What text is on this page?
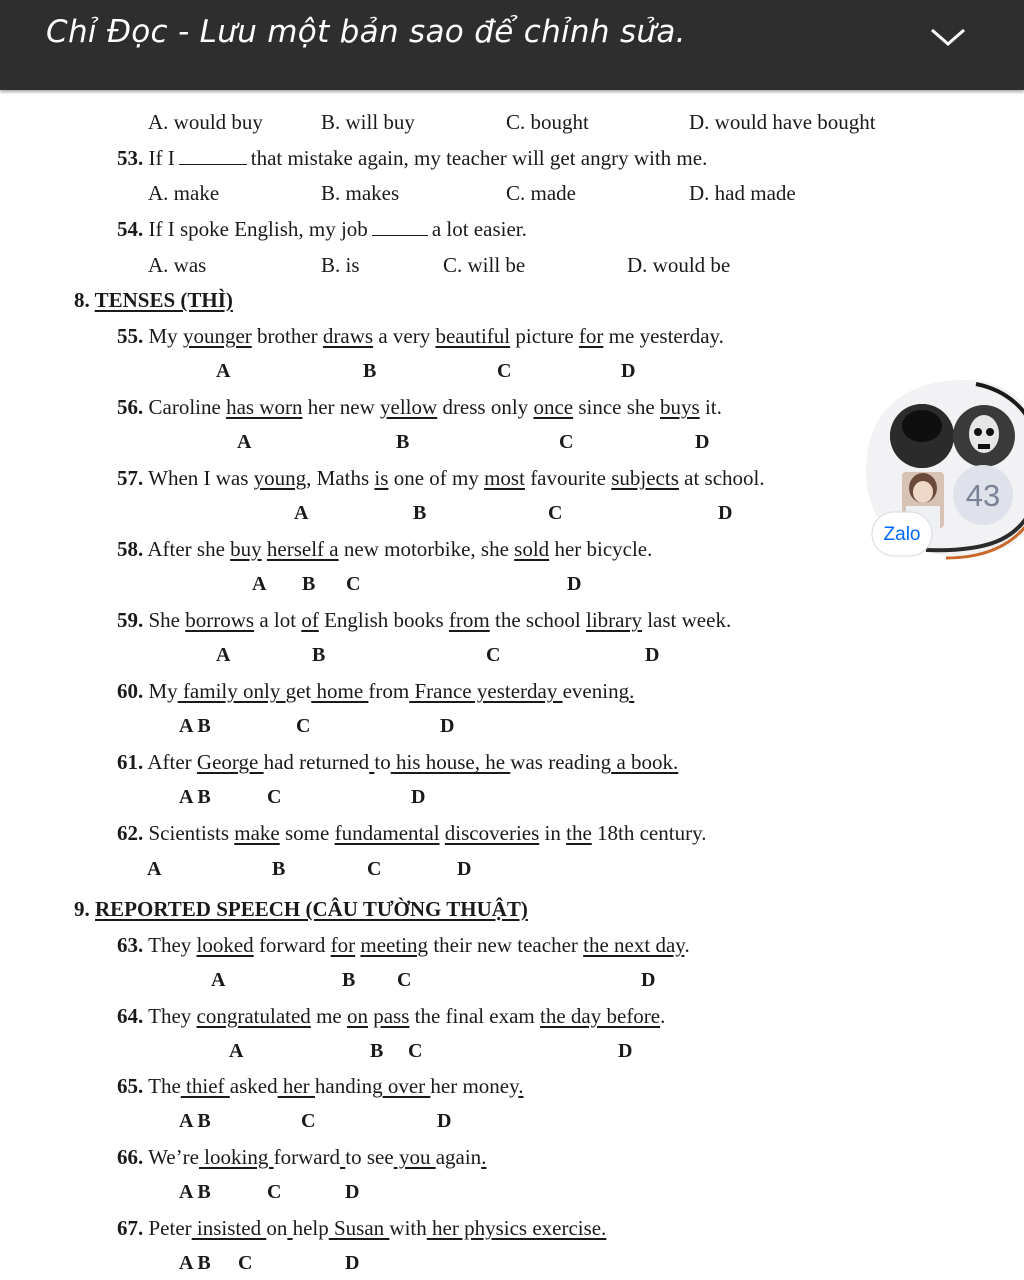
Chỉ Đọc - Lưu một bản sao để chỉnh sửa.
A. would buy	B. will buy	C. bought	D. would have bought
53. If I	that mistake again, my teacher will get angry with me.
A. make	B. makes	C. made	D. had made
54. If I spoke English, my job	a lot easier.
A. was	B. is	C. will be	D. would be
8. TENSES (THÌ)
55. My younger brother draws a very beautiful picture for me yesterday.
56. Caroline has worn her new yellow dress only once since she buys it.
57. When I was young, Maths is one of my most favourite subjects at school.
58. After she buy herself a new motorbike, she sold her bicycle.
59. She borrows a lot of English books from the school library last week.
60. My family only get home from France yesterday evening.
61. After George had returned to his house, he was reading a book.
62. Scientists make some fundamental discoveries in the 18th century.
9. REPORTED SPEECH (CÂU TƯỜNG THUẬT)
63. They looked forward for meeting their new teacher the next day.
64. They congratulated me on pass the final exam the day before.
65. The thief asked her handing over her money.
66. We’re looking forward to see you again.
67. Peter insisted on help Susan with her physics exercise.
A	B	C	D
A	B	C	D
A	B	C	D
A B C	D
A	B	C	D
A B	C	D
A B	C	D
A	B	C	D
A	B C	D
A	B C	D
A B	C	D
A B	C	D
A B C	D
43
Zalo
